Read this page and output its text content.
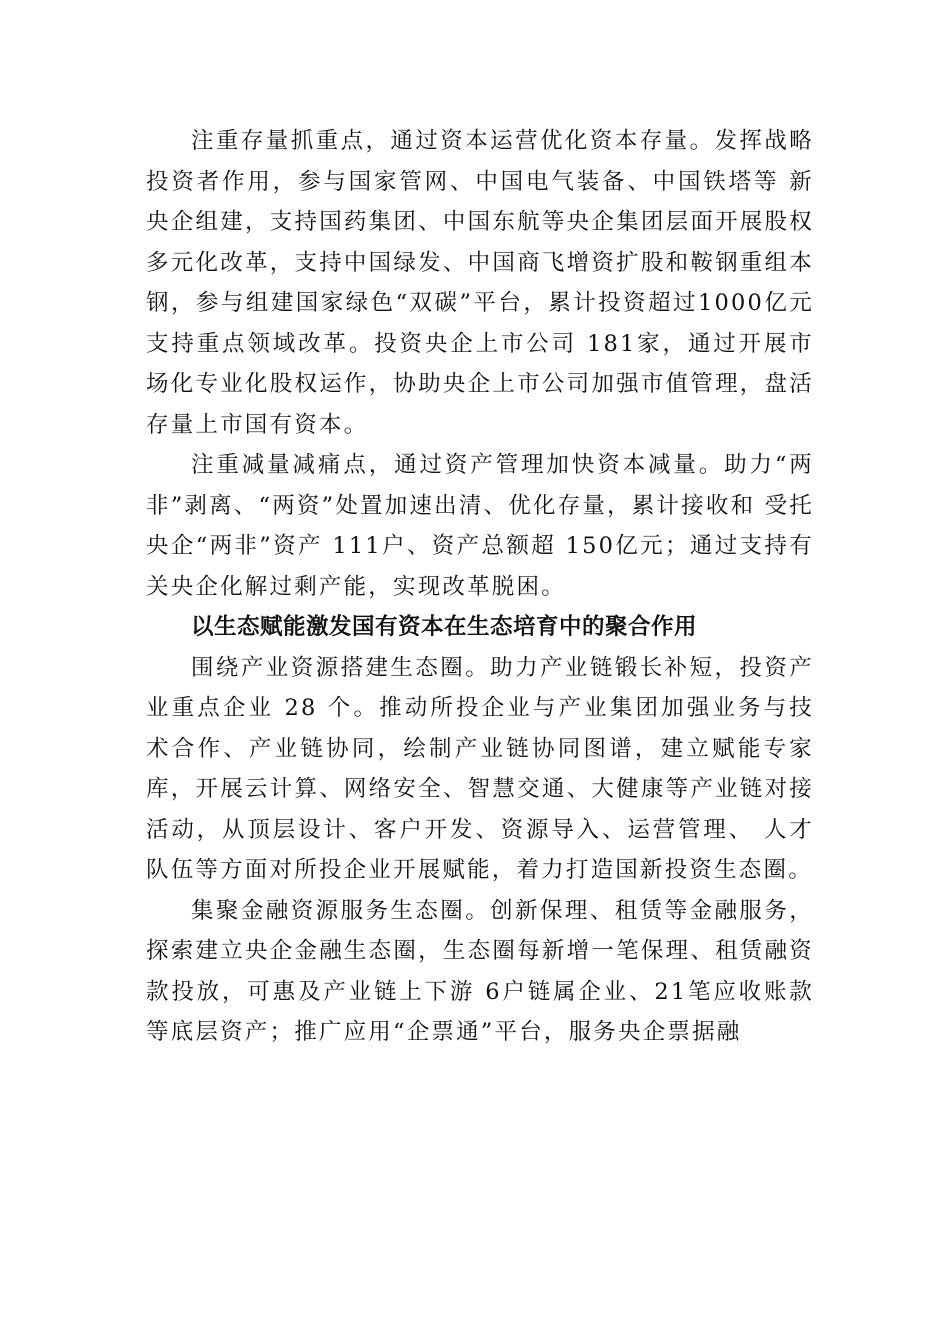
注重存量抓重点，通过资本运营优化资本存量。发挥战略投资者作用，参与国家管网、中国电气装备、中国铁塔等 新央企组建，支持国药集团、中国东航等央企集团层面开展股权多元化改革，支持中国绿发、中国商飞增资扩股和鞍钢重组本钢，参与组建国家绿色“双碳”平台，累计投资超过1000亿元支持重点领域改革。投资央企上市公司 181家，通过开展市场化专业化股权运作，协助央企上市公司加强市值管理，盘活存量上市国有资本。

注重减量减痛点，通过资产管理加快资本减量。助力“两非”剥离、“两资”处置加速出清、优化存量，累计接收和 受托央企“两非”资产 111户、资产总额超 150亿元；通过支持有关央企化解过剩产能，实现改革脱困。

以生态赋能激发国有资本在生态培育中的聚合作用

围绕产业资源搭建生态圈。助力产业链锻长补短，投资产业重点企业 28 个。推动所投企业与产业集团加强业务与技术合作、产业链协同，绘制产业链协同图谱，建立赋能专家库，开展云计算、网络安全、智慧交通、大健康等产业链对接活动，从顶层设计、客户开发、资源导入、运营管理、 人才队伍等方面对所投企业开展赋能，着力打造国新投资生态圈。

集聚金融资源服务生态圈。创新保理、租赁等金融服务，探索建立央企金融生态圈，生态圈每新增一笔保理、租赁融资款投放，可惠及产业链上下游 6户链属企业、21笔应收账款等底层资产；推广应用“企票通”平台，服务央企票据融
